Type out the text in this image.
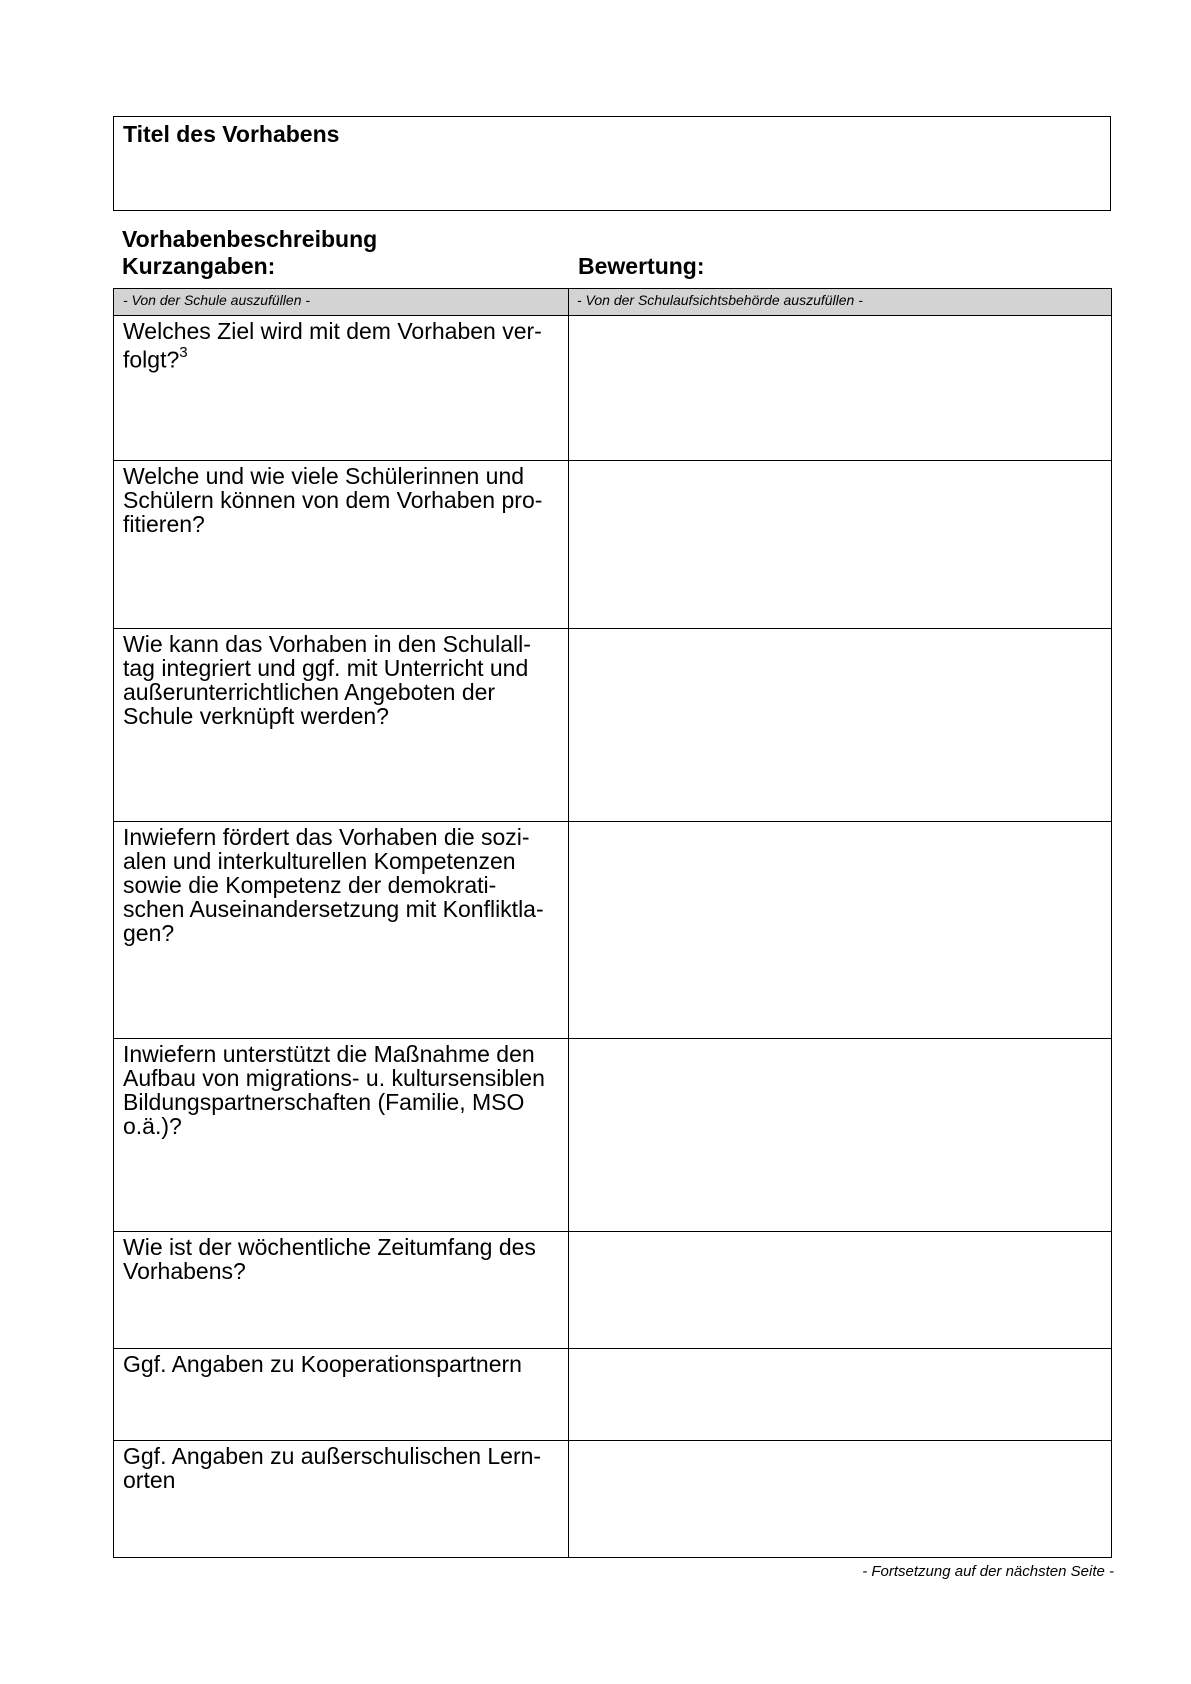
Titel des Vorhabens
Vorhabenbeschreibung
Kurzangaben:	Bewertung:
- Von der Schule auszufüllen -	- Von der Schulaufsichtsbehörde auszufüllen -

Welches Ziel wird mit dem Vorhaben ver-
folgt?$^3$

Welche und wie viele Schülerinnen und
Schülern können von dem Vorhaben pro-
fitieren?	

Wie kann das Vorhaben in den Schulall-
tag integriert und ggf. mit Unterricht und
außerunterrichtlichen Angeboten der
Schule verknüpft werden?	

Inwiefern fördert das Vorhaben die sozi-
alen und interkulturellen Kompetenzen
sowie die Kompetenz der demokrati-
schen Auseinandersetzung mit Konfliktla-
gen?	

Inwiefern unterstützt die Maßnahme den
Aufbau von migrations- u. kultursensiblen
Bildungspartnerschaften (Familie, MSO
o.ä.)?	

Wie ist der wöchentliche Zeitumfang des
Vorhabens?	

Ggf. Angaben zu Kooperationspartnern	

Ggf. Angaben zu außerschulischen Lern-
orten	

- Fortsetzung auf der nächsten Seite -
